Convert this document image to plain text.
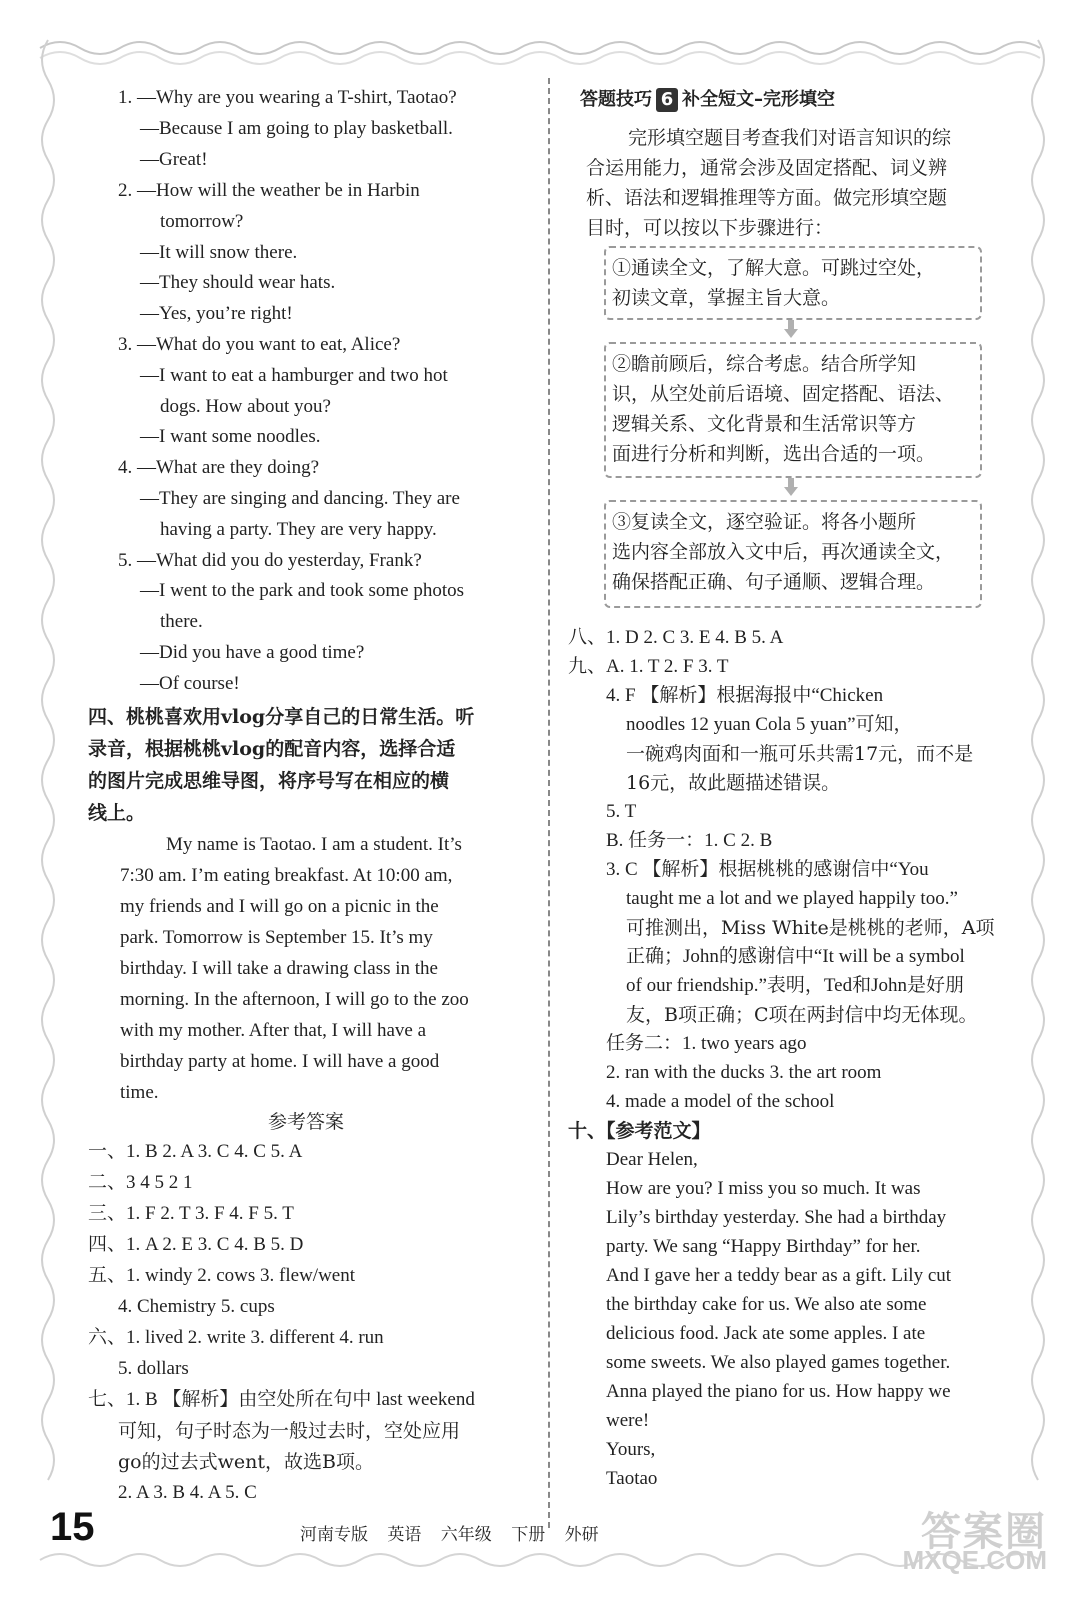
1. —Why are you wearing a T-shirt, Taotao?
—Because I am going to play basketball.
—Great!
2. —How will the weather be in Harbin
tomorrow?
—It will snow there.
—They should wear hats.
—Yes, you’re right!
3. —What do you want to eat, Alice?
—I want to eat a hamburger and two hot
dogs. How about you?
—I want some noodles.
4. —What are they doing?
—They are singing and dancing. They are
having a party. They are very happy.
5. —What did you do yesterday, Frank?
—I went to the park and took some photos
there.
—Did you have a good time?
—Of course!
四、桃桃喜欢用vlog分享自己的日常生活。听
录音，根据桃桃vlog的配音内容，选择合适
的图片完成思维导图，将序号写在相应的横
线上。
My name is Taotao. I am a student. It’s
7:30 am. I’m eating breakfast. At 10:00 am,
my friends and I will go on a picnic in the
park. Tomorrow is September 15. It’s my
birthday. I will take a drawing class in the
morning. In the afternoon, I will go to the zoo
with my mother. After that, I will have a
birthday party at home. I will have a good
time.
参考答案
一、1. B 2. A 3. C 4. C 5. A
二、3 4 5 2 1
三、1. F 2. T 3. F 4. F 5. T
四、1. A 2. E 3. C 4. B 5. D
五、1. windy 2. cows 3. flew/went
4. Chemistry 5. cups
六、1. lived 2. write 3. different 4. run
5. dollars
七、1. B 【解析】由空处所在句中 last weekend
可知，句子时态为一般过去时，空处应用
go的过去式went，故选B项。
2. A 3. B 4. A 5. C
答题技巧 6 补全短文–完形填空
完形填空题目考查我们对语言知识的综
合运用能力，通常会涉及固定搭配、词义辨
析、语法和逻辑推理等方面。做完形填空题
目时，可以按以下步骤进行：
①通读全文，了解大意。可跳过空处，
初读文章，掌握主旨大意。
②瞻前顾后，综合考虑。结合所学知
识，从空处前后语境、固定搭配、语法、
逻辑关系、文化背景和生活常识等方
面进行分析和判断，选出合适的一项。
③复读全文，逐空验证。将各小题所
选内容全部放入文中后，再次通读全文，
确保搭配正确、句子通顺、逻辑合理。
八、1. D 2. C 3. E 4. B 5. A
九、A. 1. T 2. F 3. T
4. F 【解析】根据海报中“Chicken
noodles 12 yuan Cola 5 yuan”可知，
一碗鸡肉面和一瓶可乐共需17元，而不是
16元，故此题描述错误。
5. T
B. 任务一：1. C 2. B
3. C 【解析】根据桃桃的感谢信中“You
taught me a lot and we played happily too.”
可推测出，Miss White是桃桃的老师，A项
正确；John的感谢信中“It will be a symbol
of our friendship.”表明，Ted和John是好朋
友，B项正确；C项在两封信中均无体现。
任务二：1. two years ago
2. ran with the ducks 3. the art room
4. made a model of the school
十、【参考范文】
Dear Helen,
How are you? I miss you so much. It was
Lily’s birthday yesterday. She had a birthday
party. We sang “Happy Birthday” for her.
And I gave her a teddy bear as a gift. Lily cut
the birthday cake for us. We also ate some
delicious food. Jack ate some apples. I ate
some sweets. We also played games together.
Anna played the piano for us. How happy we
were!
Yours,
Taotao
15	河南专版 英语 六年级 下册 外研	答案圈
MXQE.COM
